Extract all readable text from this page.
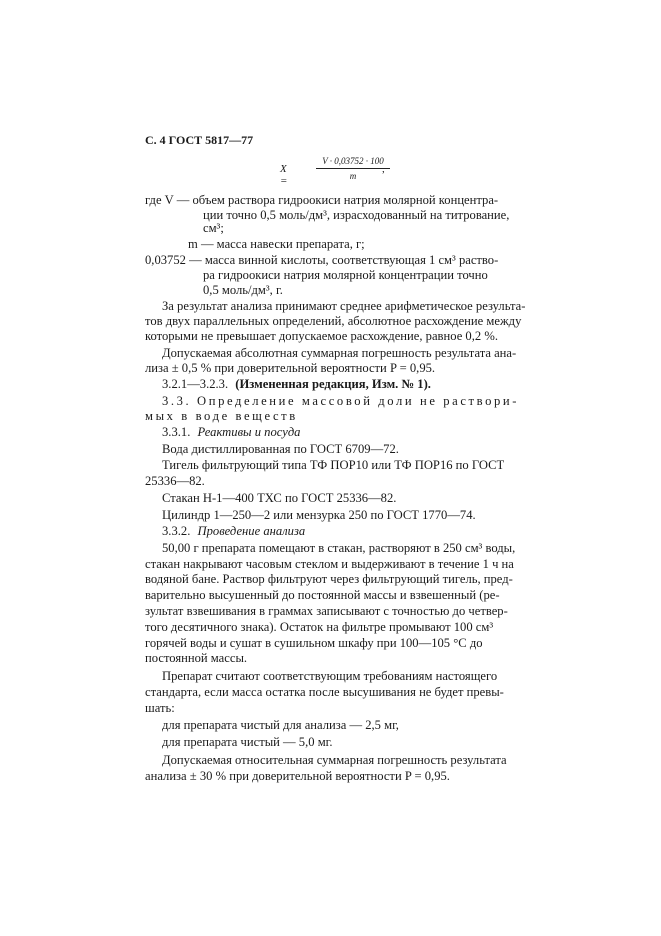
С. 4 ГОСТ 5817—77
X =
V · 0,03752 · 100
m
,
где V — объем раствора гидроокиси натрия молярной концентра-
ции точно 0,5 моль/дм³, израсходованный на титрование,
см³;
m — масса навески препарата, г;
0,03752 — масса винной кислоты, соответствующая 1 см³ раство-
ра гидроокиси натрия молярной концентрации точно
0,5 моль/дм³, г.
За результат анализа принимают среднее арифметическое результа-
тов двух параллельных определений, абсолютное расхождение между
которыми не превышает допускаемое расхождение, равное 0,2 %.
Допускаемая абсолютная суммарная погрешность результата ана-
лиза ± 0,5 % при доверительной вероятности P = 0,95.
3.2.1—3.2.3. (Измененная редакция, Изм. № 1).
3.3. Определение массовой доли не раствори-
мых в воде веществ
3.3.1. Реактивы и посуда
Вода дистиллированная по ГОСТ 6709—72.
Тигель фильтрующий типа ТФ ПОР10 или ТФ ПОР16 по ГОСТ
25336—82.
Стакан Н-1—400 ТХС по ГОСТ 25336—82.
Цилиндр 1—250—2 или мензурка 250 по ГОСТ 1770—74.
3.3.2. Проведение анализа
50,00 г препарата помещают в стакан, растворяют в 250 см³ воды,
стакан накрывают часовым стеклом и выдерживают в течение 1 ч на
водяной бане. Раствор фильтруют через фильтрующий тигель, пред-
варительно высушенный до постоянной массы и взвешенный (ре-
зультат взвешивания в граммах записывают с точностью до четвер-
того десятичного знака). Остаток на фильтре промывают 100 см³
горячей воды и сушат в сушильном шкафу при 100—105 °С до
постоянной массы.
Препарат считают соответствующим требованиям настоящего
стандарта, если масса остатка после высушивания не будет превы-
шать:
для препарата чистый для анализа — 2,5 мг,
для препарата чистый — 5,0 мг.
Допускаемая относительная суммарная погрешность результата
анализа ± 30 % при доверительной вероятности P = 0,95.
